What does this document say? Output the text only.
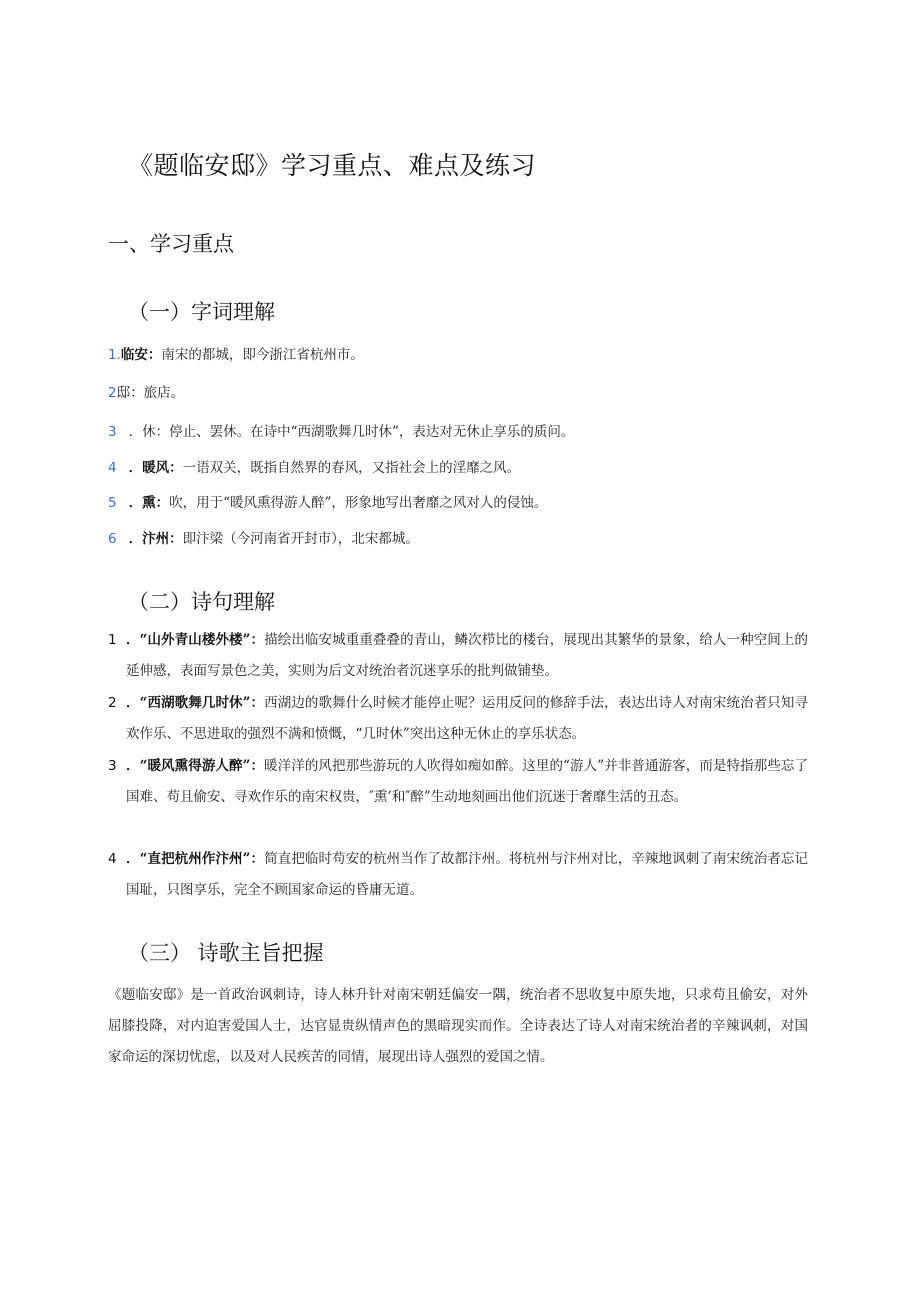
《题临安邸》学习重点、难点及练习
一、学习重点
（一）字词理解
1.临安：南宋的都城，即今浙江省杭州市。
2邸：旅店。
3 ．休：停止、罢休。在诗中“西湖歌舞几时休”，表达对无休止享乐的质问。
4 ．暖风：一语双关，既指自然界的春风，又指社会上的淫靡之风。
5 ．熏：吹，用于“暖风熏得游人醉”，形象地写出奢靡之风对人的侵蚀。
6 ．汴州：即汴梁（今河南省开封市），北宋都城。
（二）诗句理解
1 ．“山外青山楼外楼”：描绘出临安城重重叠叠的青山，鳞次栉比的楼台，展现出其繁华的景象，给人一种空间上的延伸感，表面写景色之美，实则为后文对统治者沉迷享乐的批判做铺垫。
2 ．“西湖歌舞几时休”：西湖边的歌舞什么时候才能停止呢？运用反问的修辞手法，表达出诗人对南宋统治者只知寻欢作乐、不思进取的强烈不满和愤慨，“几时休”突出这种无休止的享乐状态。
3 ．“暖风熏得游人醉”：暖洋洋的风把那些游玩的人吹得如痴如醉。这里的“游人”并非普通游客，而是特指那些忘了国难、苟且偷安、寻欢作乐的南宋权贵，″熏’和″醉”生动地刻画出他们沉迷于奢靡生活的丑态。
4 ．“直把杭州作汴州”：简直把临时苟安的杭州当作了故都汴州。将杭州与汴州对比，辛辣地讽刺了南宋统治者忘记国耻，只图享乐，完全不顾国家命运的昏庸无道。
（三） 诗歌主旨把握
《题临安邸》是一首政治讽刺诗，诗人林升针对南宋朝廷偏安一隅，统治者不思收复中原失地，只求苟且偷安，对外屈膝投降，对内迫害爱国人士，达官显贵纵情声色的黑暗现实而作。全诗表达了诗人对南宋统治者的辛辣讽刺，对国家命运的深切忧虑，以及对人民疾苦的同情，展现出诗人强烈的爱国之情。
